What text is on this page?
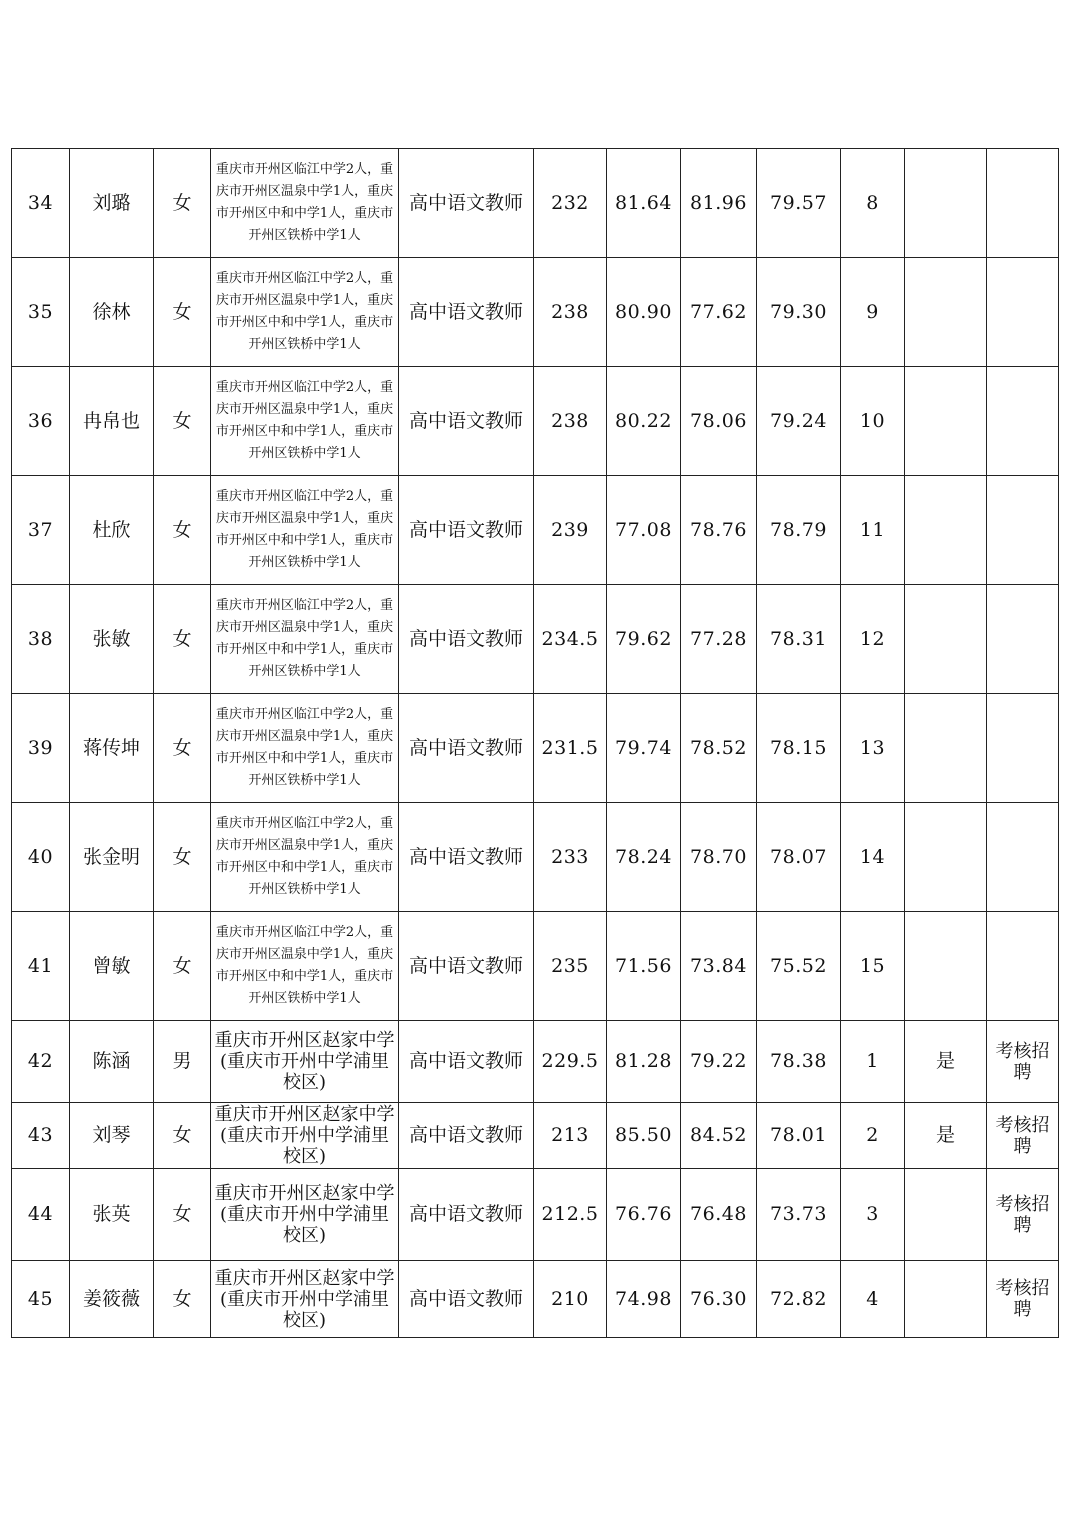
34	刘璐	女	重庆市开州区临江中学2人，重庆市开州区温泉中学1人，重庆市开州区中和中学1人，重庆市开州区铁桥中学1人	高中语文教师	232	81.64	81.96	79.57	8		
35	徐林	女	重庆市开州区临江中学2人，重庆市开州区温泉中学1人，重庆市开州区中和中学1人，重庆市开州区铁桥中学1人	高中语文教师	238	80.90	77.62	79.30	9		
36	冉帛也	女	重庆市开州区临江中学2人，重庆市开州区温泉中学1人，重庆市开州区中和中学1人，重庆市开州区铁桥中学1人	高中语文教师	238	80.22	78.06	79.24	10		
37	杜欣	女	重庆市开州区临江中学2人，重庆市开州区温泉中学1人，重庆市开州区中和中学1人，重庆市开州区铁桥中学1人	高中语文教师	239	77.08	78.76	78.79	11		
38	张敏	女	重庆市开州区临江中学2人，重庆市开州区温泉中学1人，重庆市开州区中和中学1人，重庆市开州区铁桥中学1人	高中语文教师	234.5	79.62	77.28	78.31	12		
39	蒋传坤	女	重庆市开州区临江中学2人，重庆市开州区温泉中学1人，重庆市开州区中和中学1人，重庆市开州区铁桥中学1人	高中语文教师	231.5	79.74	78.52	78.15	13		
40	张金明	女	重庆市开州区临江中学2人，重庆市开州区温泉中学1人，重庆市开州区中和中学1人，重庆市开州区铁桥中学1人	高中语文教师	233	78.24	78.70	78.07	14		
41	曾敏	女	重庆市开州区临江中学2人，重庆市开州区温泉中学1人，重庆市开州区中和中学1人，重庆市开州区铁桥中学1人	高中语文教师	235	71.56	73.84	75.52	15		
42	陈涵	男	重庆市开州区赵家中学(重庆市开州中学浦里校区)	高中语文教师	229.5	81.28	79.22	78.38	1	是	考核招聘
43	刘琴	女	重庆市开州区赵家中学(重庆市开州中学浦里校区)	高中语文教师	213	85.50	84.52	78.01	2	是	考核招聘
44	张英	女	重庆市开州区赵家中学(重庆市开州中学浦里校区)	高中语文教师	212.5	76.76	76.48	73.73	3		考核招聘
45	姜筱薇	女	重庆市开州区赵家中学(重庆市开州中学浦里校区)	高中语文教师	210	74.98	76.30	72.82	4		考核招聘
